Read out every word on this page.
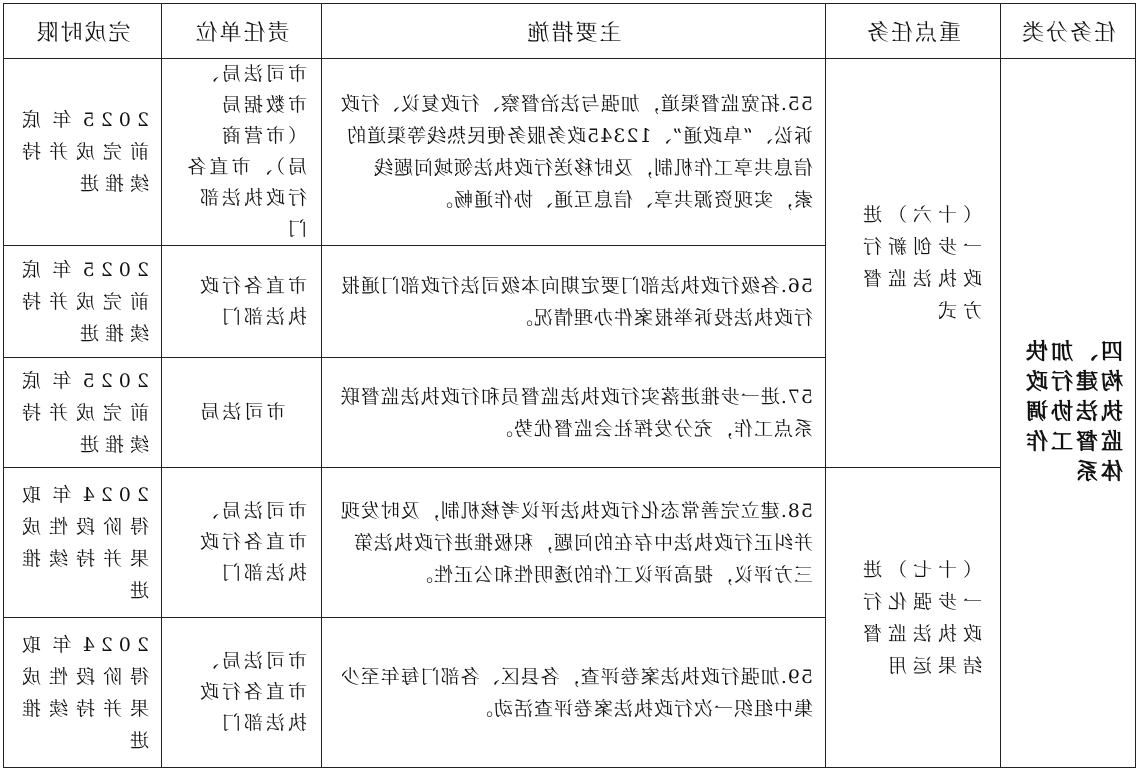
任务分类	重点任务	主要措施	责任单位	完成时限
四、加快构建行政执法协调监督工作体系	（十六）进一步创新行政执法监督方式	55.拓宽监督渠道，加强与法治督察、行政复议、行政诉讼、“阜政通”、12345政务服务便民热线等渠道的信息共享工作机制，及时移送行政执法领域问题线索，实现资源共享、信息互通、协作通畅。	市司法局、市数据局（市营商局）、市直各行政执法部门	2025年底前完成并持续推进
		56.各级行政执法部门要定期向本级司法行政部门通报行政执法投诉举报案件办理情况。	市直各行政执法部门	2025年底前完成并持续推进
		57.进一步推进落实行政执法监督员和行政执法监督联系点工作，充分发挥社会监督优势。	市司法局	2025年底前完成并持续推进
	（十七）进一步强化行政执法监督结果运用	58.建立完善常态化行政执法评议考核机制，及时发现并纠正行政执法中存在的问题，积极推进行政执法第三方评议，提高评议工作的透明性和公正性。	市司法局、市直各行政执法部门	2024年取得阶段性成果并持续推进
		59.加强行政执法案卷评查，各县区、各部门每年至少集中组织一次行政执法案卷评查活动。	市司法局、市直各行政执法部门	2024年取得阶段性成果并持续推进
